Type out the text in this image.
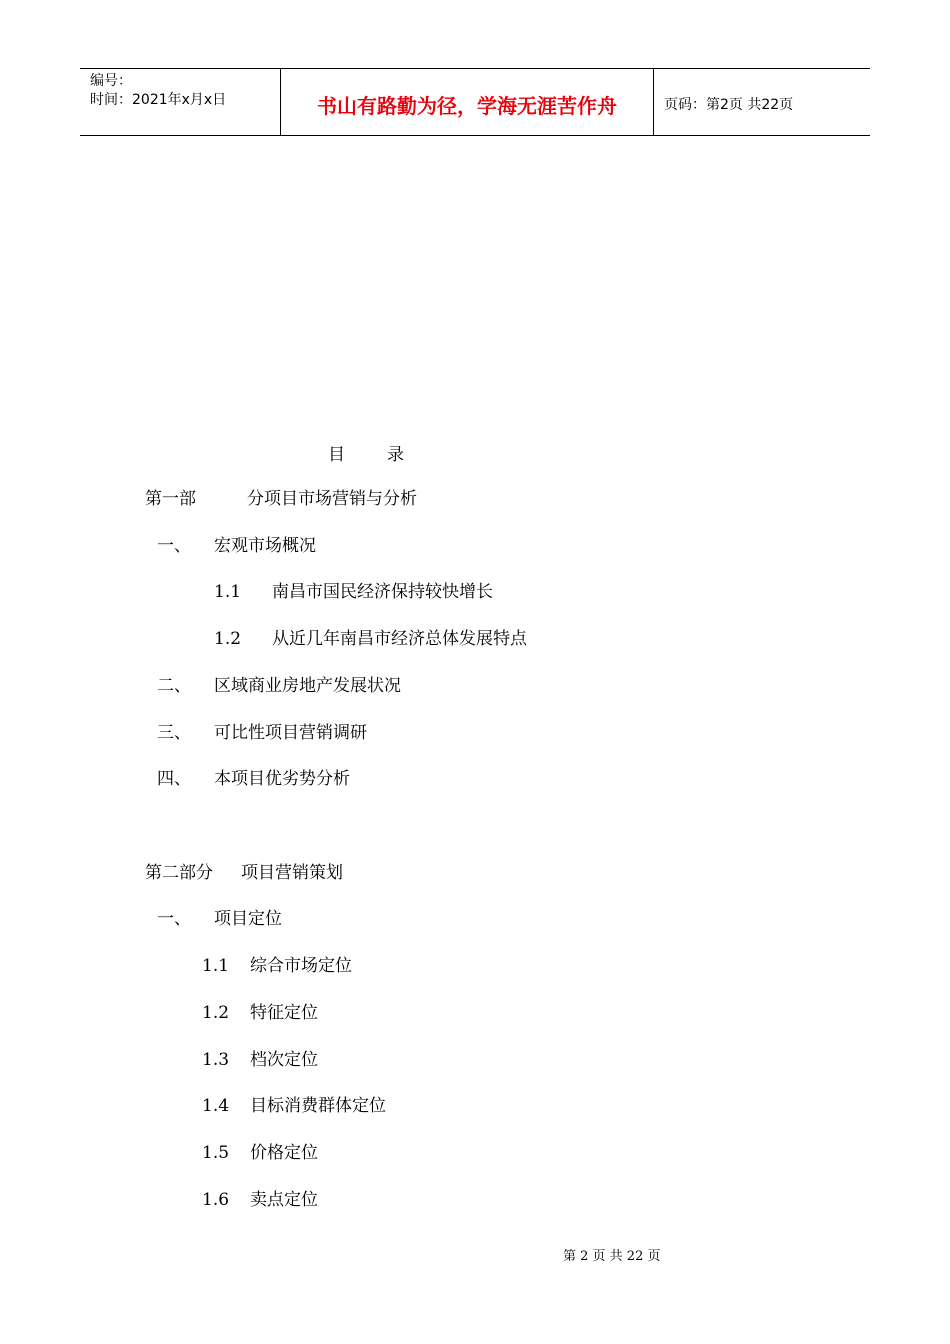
编号：
时间：2021年x月x日	书山有路勤为径，学海无涯苦作舟	页码：第2页 共22页
目 录
第一部	分项目市场营销与分析
一、 宏观市场概况
1.1 南昌市国民经济保持较快增长
1.2 从近几年南昌市经济总体发展特点
二、 区域商业房地产发展状况
三、 可比性项目营销调研
四、 本项目优劣势分析
第二部分 项目营销策划
一、 项目定位
1.1 综合市场定位
1.2 特征定位
1.3 档次定位
1.4 目标消费群体定位
1.5 价格定位
1.6 卖点定位
第 2 页 共 22 页
